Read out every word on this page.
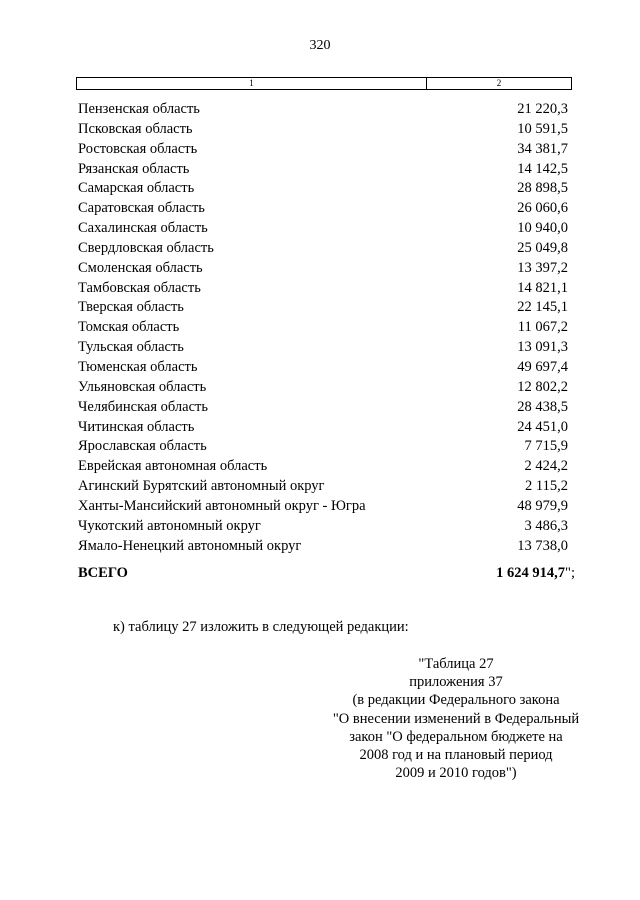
320
1	2
Пензенская область	21 220,3
Псковская область	10 591,5
Ростовская область	34 381,7
Рязанская область	14 142,5
Самарская область	28 898,5
Саратовская область	26 060,6
Сахалинская область	10 940,0
Свердловская область	25 049,8
Смоленская область	13 397,2
Тамбовская область	14 821,1
Тверская область	22 145,1
Томская область	11 067,2
Тульская область	13 091,3
Тюменская область	49 697,4
Ульяновская область	12 802,2
Челябинская область	28 438,5
Читинская область	24 451,0
Ярославская область	7 715,9
Еврейская автономная область	2 424,2
Агинский Бурятский автономный округ	2 115,2
Ханты-Мансийский автономный округ - Югра	48 979,9
Чукотский автономный округ	3 486,3
Ямало-Ненецкий автономный округ	13 738,0
ВСЕГО	1 624 914,7";
к) таблицу 27 изложить в следующей редакции:
"Таблица 27
приложения 37
(в редакции Федерального закона
"О внесении изменений в Федеральный
закон "О федеральном бюджете на
2008 год и на плановый период
2009 и 2010 годов")
